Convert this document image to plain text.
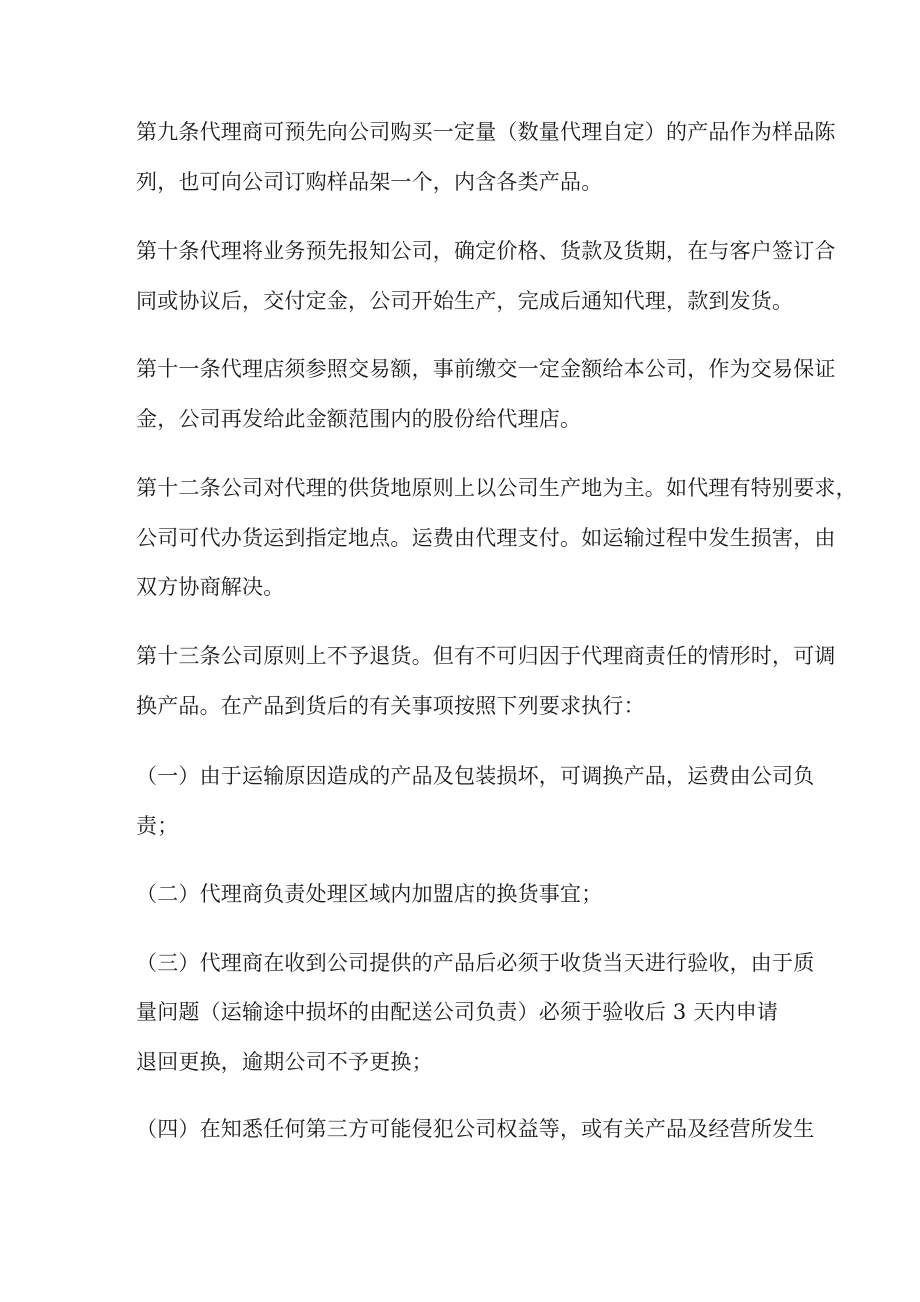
第九条代理商可预先向公司购买一定量（数量代理自定）的产品作为样品陈
列，也可向公司订购样品架一个，内含各类产品。
第十条代理将业务预先报知公司，确定价格、货款及货期，在与客户签订合
同或协议后，交付定金，公司开始生产，完成后通知代理，款到发货。
第十一条代理店须参照交易额，事前缴交一定金额给本公司，作为交易保证
金，公司再发给此金额范围内的股份给代理店。
第十二条公司对代理的供货地原则上以公司生产地为主。如代理有特别要求，
公司可代办货运到指定地点。运费由代理支付。如运输过程中发生损害，由
双方协商解决。
第十三条公司原则上不予退货。但有不可归因于代理商责任的情形时，可调
换产品。在产品到货后的有关事项按照下列要求执行：
（一）由于运输原因造成的产品及包装损坏，可调换产品，运费由公司负
责；
（二）代理商负责处理区域内加盟店的换货事宜；
（三）代理商在收到公司提供的产品后必须于收货当天进行验收，由于质
量问题（运输途中损坏的由配送公司负责）必须于验收后 3 天内申请
退回更换，逾期公司不予更换；
（四）在知悉任何第三方可能侵犯公司权益等，或有关产品及经营所发生
